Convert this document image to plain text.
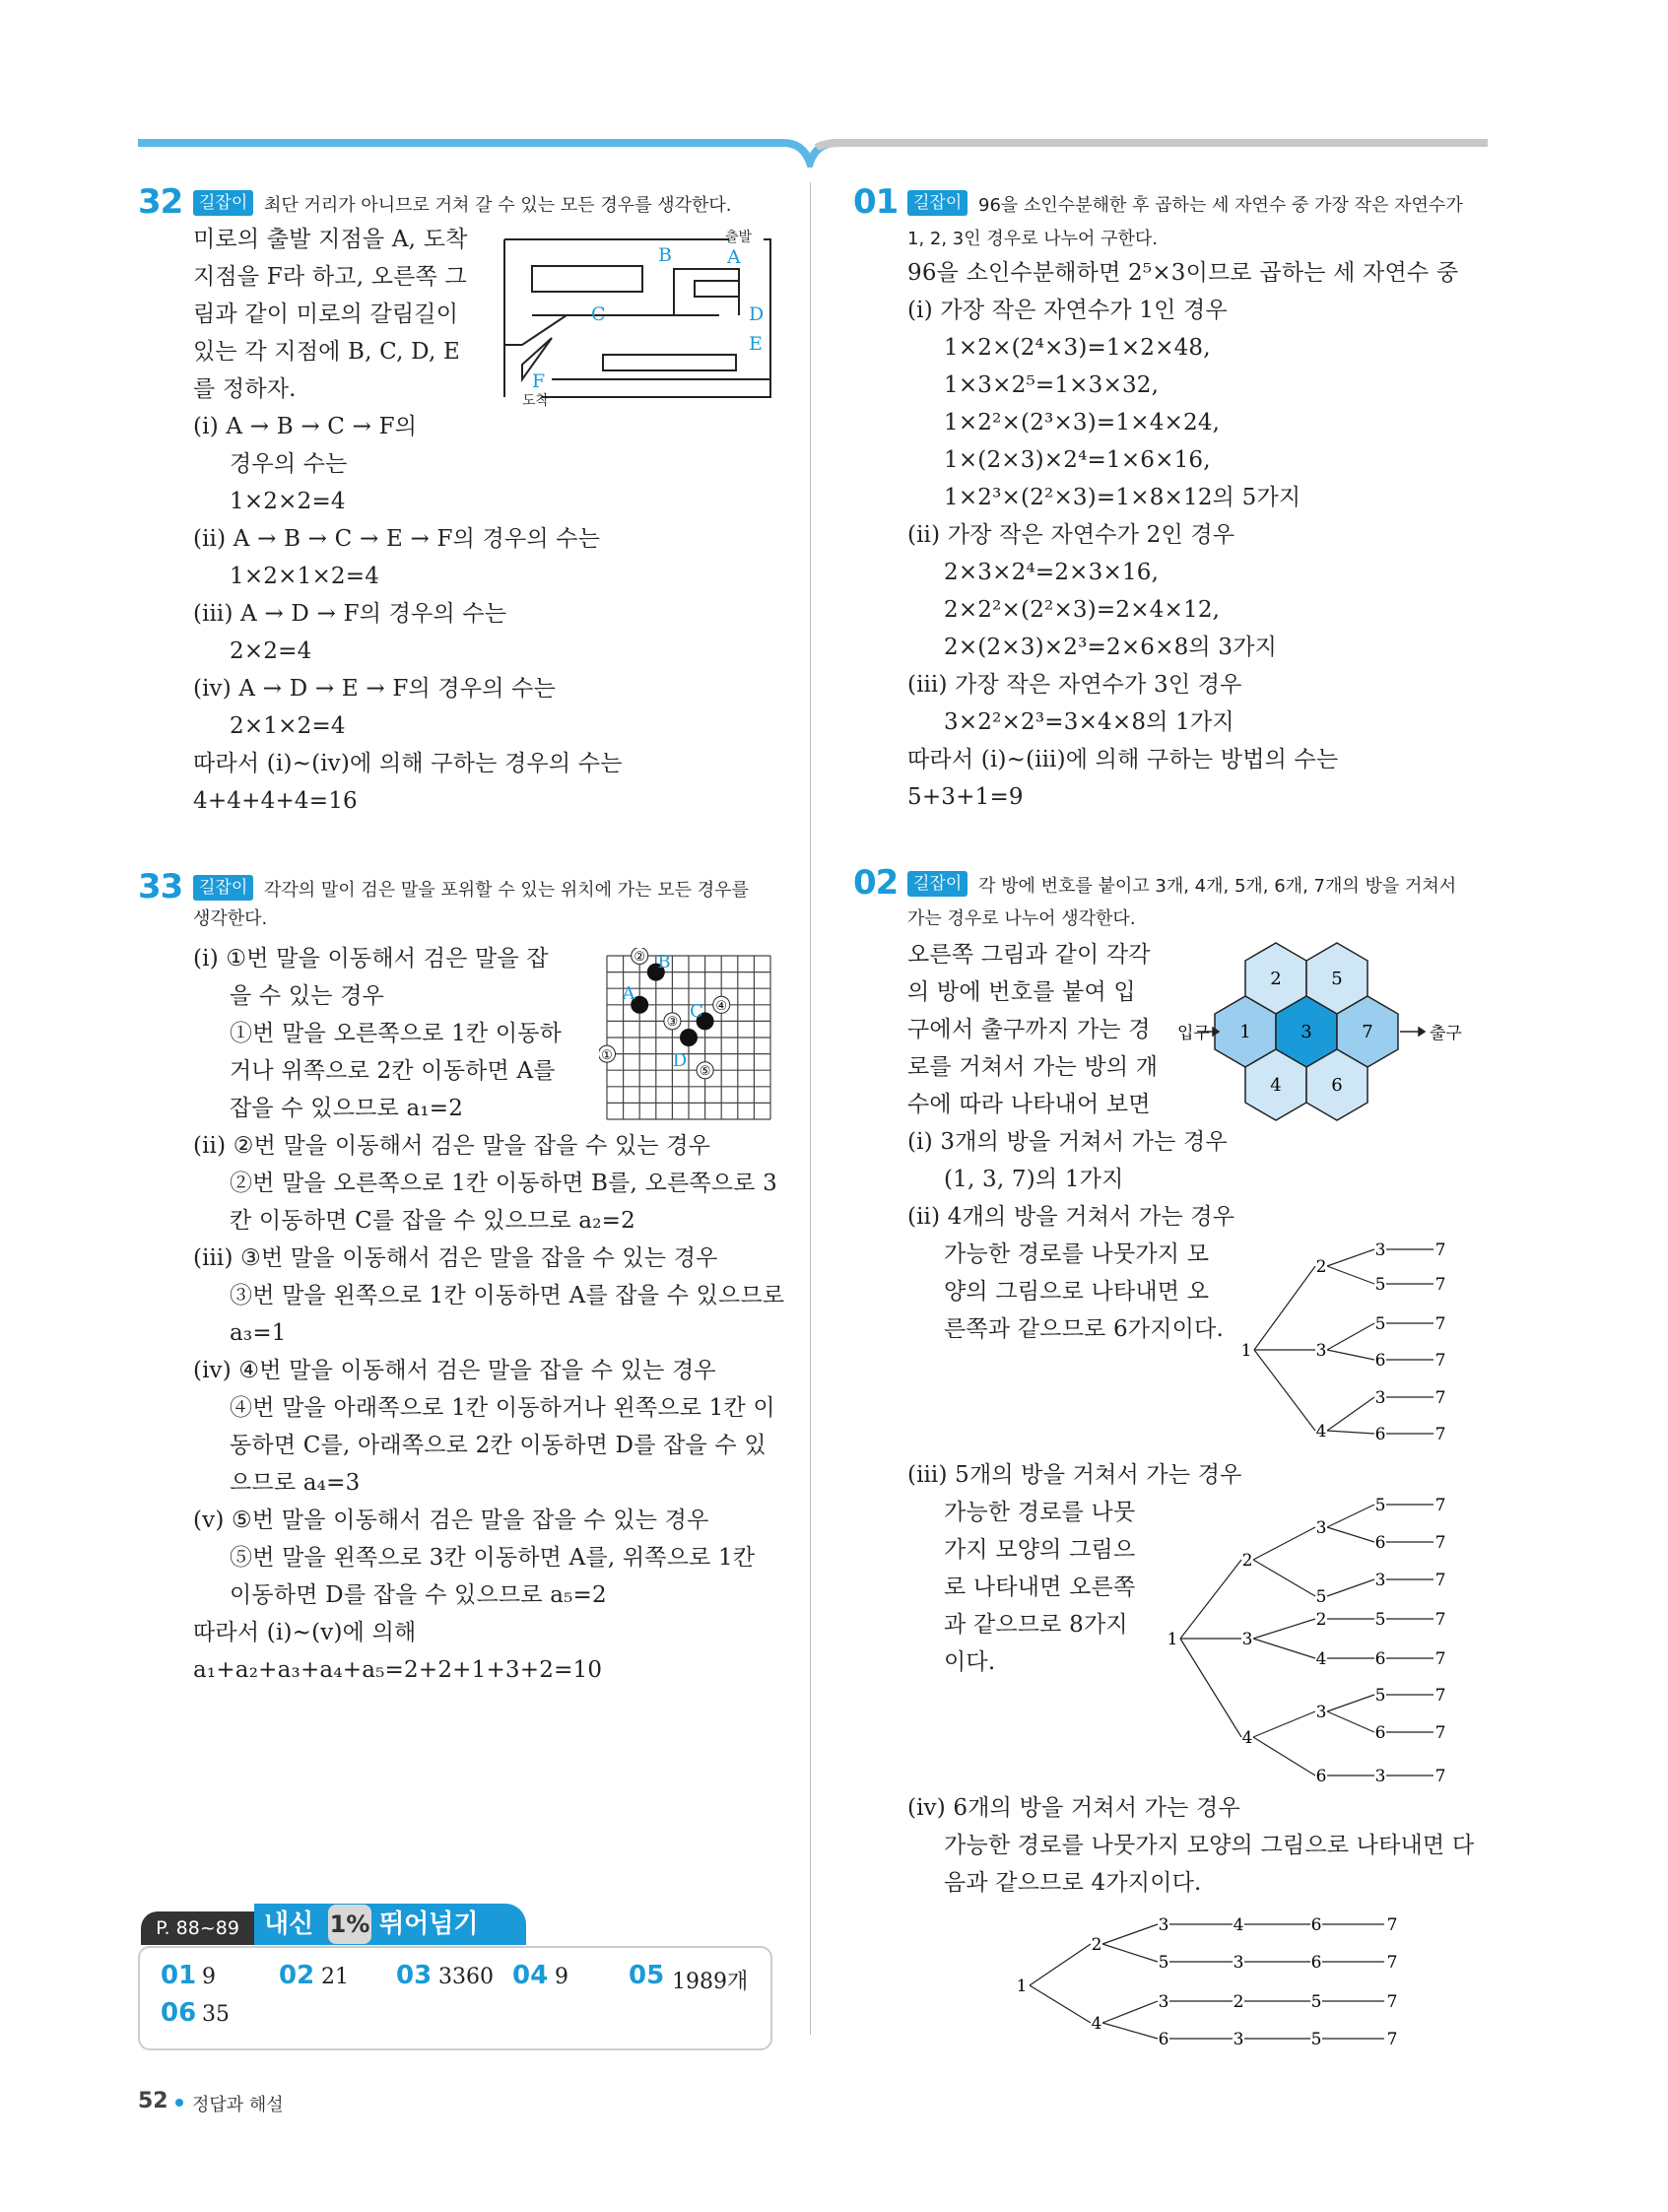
32 길잡이 최단 거리가 아니므로 거쳐 갈 수 있는 모든 경우를 생각한다.
미로의 출발 지점을 A, 도착
지점을 F라 하고, 오른쪽 그
림과 같이 미로의 갈림길이
있는 각 지점에 B, C, D, E
를 정하자.
(ⅰ) A → B → C → F의
경우의 수는
1×2×2=4
(ⅱ) A → B → C → E → F의 경우의 수는
1×2×1×2=4
(ⅲ) A → D → F의 경우의 수는
2×2=4
(ⅳ) A → D → E → F의 경우의 수는
2×1×2=4
따라서 (ⅰ)~(ⅳ)에 의해 구하는 경우의 수는
4+4+4+4=16
B	A
출발
C	D
E
F
도착
33 길잡이 각각의 말이 검은 말을 포위할 수 있는 위치에 가는 모든 경우를
생각한다.
(ⅰ) ①번 말을 이동해서 검은 말을 잡
을 수 있는 경우
①번 말을 오른쪽으로 1칸 이동하
거나 위쪽으로 2칸 이동하면 A를
잡을 수 있으므로 a₁=2
(ⅱ) ②번 말을 이동해서 검은 말을 잡을 수 있는 경우
②번 말을 오른쪽으로 1칸 이동하면 B를, 오른쪽으로 3
칸 이동하면 C를 잡을 수 있으므로 a₂=2
(ⅲ) ③번 말을 이동해서 검은 말을 잡을 수 있는 경우
③번 말을 왼쪽으로 1칸 이동하면 A를 잡을 수 있으므로
a₃=1
(ⅳ) ④번 말을 이동해서 검은 말을 잡을 수 있는 경우
④번 말을 아래쪽으로 1칸 이동하거나 왼쪽으로 1칸 이
동하면 C를, 아래쪽으로 2칸 이동하면 D를 잡을 수 있
으므로 a₄=3
(ⅴ) ⑤번 말을 이동해서 검은 말을 잡을 수 있는 경우
⑤번 말을 왼쪽으로 3칸 이동하면 A를, 위쪽으로 1칸
이동하면 D를 잡을 수 있으므로 a₅=2
따라서 (ⅰ)~(ⅴ)에 의해
a₁+a₂+a₃+a₄+a₅=2+2+1+3+2=10
②
③
④
①
⑤
B
A
C
D
P. 88~89 내신 1% 뛰어넘기
01 9 02 21 03 3360 04 9 05 1989개
06 35
01 길잡이 96을 소인수분해한 후 곱하는 세 자연수 중 가장 작은 자연수가
1, 2, 3인 경우로 나누어 구한다.
96을 소인수분해하면 2⁵×3이므로 곱하는 세 자연수 중
(ⅰ) 가장 작은 자연수가 1인 경우
1×2×(2⁴×3)=1×2×48,
1×3×2⁵=1×3×32,
1×2²×(2³×3)=1×4×24,
1×(2×3)×2⁴=1×6×16,
1×2³×(2²×3)=1×8×12의 5가지
(ⅱ) 가장 작은 자연수가 2인 경우
2×3×2⁴=2×3×16,
2×2²×(2²×3)=2×4×12,
2×(2×3)×2³=2×6×8의 3가지
(ⅲ) 가장 작은 자연수가 3인 경우
3×2²×2³=3×4×8의 1가지
따라서 (ⅰ)~(ⅲ)에 의해 구하는 방법의 수는
5+3+1=9
02 길잡이 각 방에 번호를 붙이고 3개, 4개, 5개, 6개, 7개의 방을 거쳐서
가는 경우로 나누어 생각한다.
오른쪽 그림과 같이 각각
의 방에 번호를 붙여 입
구에서 출구까지 가는 경
로를 거쳐서 가는 방의 개
수에 따라 나타내어 보면
2	5
1	3	7
4	6
입구	출구
(ⅰ) 3개의 방을 거쳐서 가는 경우
(1, 3, 7)의 1가지
(ⅱ) 4개의 방을 거쳐서 가는 경우
가능한 경로를 나뭇가지 모
양의 그림으로 나타내면 오
른쪽과 같으므로 6가지이다.
1
2
3
4
3
5
5
6
3
6
7
7
7
7
7
7
(ⅲ) 5개의 방을 거쳐서 가는 경우
가능한 경로를 나뭇
가지 모양의 그림으
로 나타내면 오른쪽
과 같으므로 8가지
이다.
1
2
3
4
3
5
2
4
3
6
5
6
3
5
6
5
6
3
7
7
7
7
7
7
7
7
(ⅳ) 6개의 방을 거쳐서 가는 경우
가능한 경로를 나뭇가지 모양의 그림으로 나타내면 다
음과 같으므로 4가지이다.
1
2
4
3
5
3
6
4
3
2
3
6
6
5
5
7
7
7
7
52 정답과 해설
